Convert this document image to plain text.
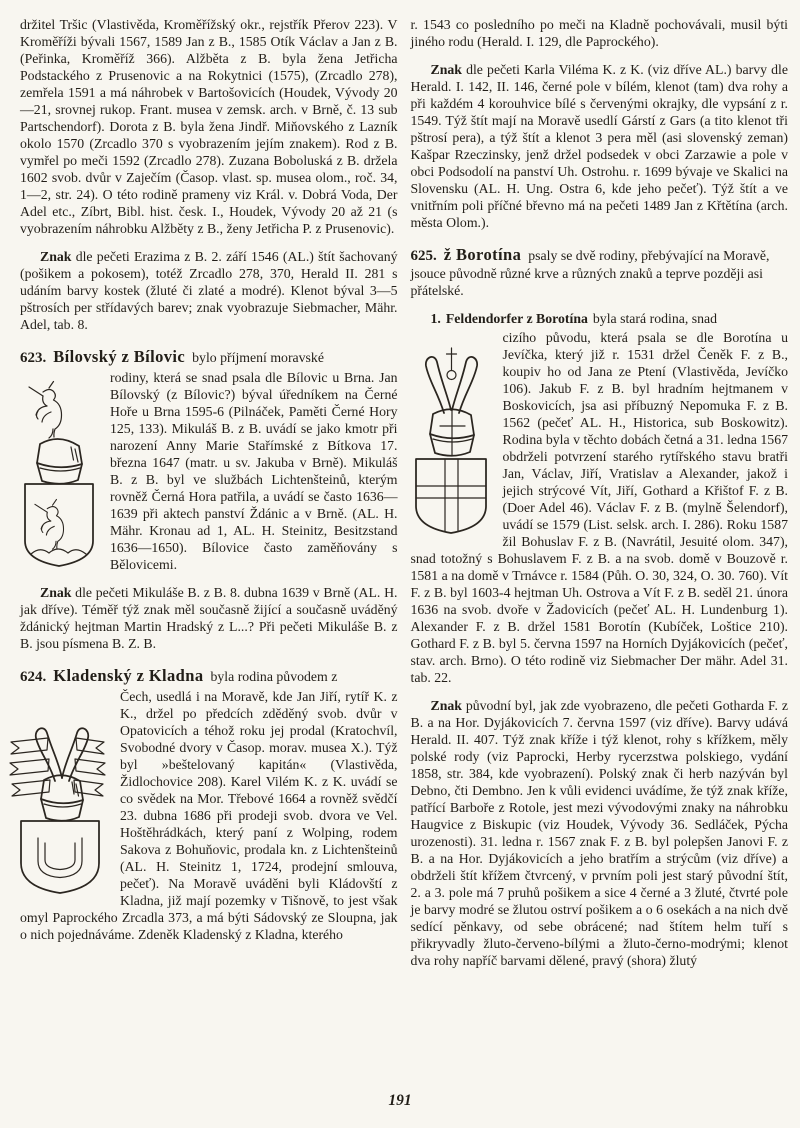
držitel Tršic (Vlastivěda, Kroměřížský okr., rejstřík Přerov 223). V Kroměříži bývali 1567, 1589 Jan z B., 1585 Otík Václav a Jan z B. (Peřinka, Kroměříž 366). Alžběta z B. byla žena Jetřicha Podstackého z Prusenovic a na Rokytnici (1575), (Zrcadlo 278), zemřela 1591 a má náhrobek v Bartošovicích (Houdek, Vývody 20—21, srovnej rukop. Frant. musea v zemsk. arch. v Brně, č. 13 sub Partschendorf). Dorota z B. byla žena Jindř. Miňovského z Lazník okolo 1570 (Zrcadlo 370 s vyobrazením jejím znakem). Rod z B. vymřel po meči 1592 (Zrcadlo 278). Zuzana Boboluská z B. držela 1602 svob. dvůr v Zaječím (Časop. vlast. sp. musea olom., roč. 34, 1—2, str. 24). O této rodině prameny viz Král. v. Dobrá Voda, Der Adel etc., Zíbrt, Bibl. hist. česk. I., Houdek, Vývody 20 až 21 (s vyobrazením náhrobku Alžběty z B., ženy Jetřicha P. z Prusenovic).

Znak dle pečeti Erazima z B. 2. září 1546 (AL.) štít šachovaný (pošikem a pokosem), totéž Zrcadlo 278, 370, Herald II. 281 s udáním barvy kostek (žluté či zlaté a modré). Klenot býval 3—5 pštrosích per střídavých barev; znak vyobrazuje Siebmacher, Mähr. Adel, tab. 8.

623. Bílovský z Bílovic bylo příjmení moravské

rodiny, která se snad psala dle Bílovic u Brna. Jan Bílovský (z Bílovic?) býval úředníkem na Černé Hoře u Brna 1595-6 (Pilnáček, Paměti Černé Hory 125, 133). Mikuláš B. z B. uvádí se jako kmotr při narození Anny Marie Stařímské z Bítkova 17. března 1647 (matr. u sv. Jakuba v Brně). Mikuláš B. z B. byl ve službách Lichtenšteinů, kterým rovněž Černá Hora patřila, a uvádí se často 1636—1639 při aktech panství Ždánic a v Brně. (AL. H. Mähr. Kronau ad 1, AL. H. Steinitz, Besitzstand 1636—1650). Bílovice často zaměňovány s Bělovicemi.

Znak dle pečeti Mikuláše B. z B. 8. dubna 1639 v Brně (AL. H. jak dříve). Téměř týž znak měl současně žijící a současně uváděný ždánický hejtman Martin Hradský z L...? Při pečeti Mikuláše B. z B. jsou písmena B. Z. B.

624. Kladenský z Kladna byla rodina původem z

Čech, usedlá i na Moravě, kde Jan Jiří, rytíř K. z K., držel po předcích zděděný svob. dvůr v Opatovicích a téhož roku jej prodal (Kratochvíl, Svobodné dvory v Časop. morav. musea X.). Týž byl »beštelovaný kapitán« (Vlastivěda, Židlochovice 208). Karel Vilém K. z K. uvádí se co svědek na Mor. Třebové 1664 a rovněž svědčí 23. dubna 1686 při prodeji svob. dvora ve Vel. Hoštěhrádkách, který paní z Wolping, rodem Sakova z Bohuňovic, prodala kn. z Lichtenšteinů (AL. H. Steinitz 1, 1724, prodejní smlouva, pečeť). Na Moravě uváděni byli Kládovští z Kladna, již mají pozemky v Tišnově, to jest však omyl Paprockého Zrcadla 373, a má býti Sádovský ze Sloupna, jak o nich pojednáváme. Zdeněk Kladenský z Kladna, kterého

r. 1543 co posledního po meči na Kladně pochovávali, musil býti jiného rodu (Herald. I. 129, dle Paprockého).

Znak dle pečeti Karla Viléma K. z K. (viz dříve AL.) barvy dle Herald. I. 142, II. 146, černé pole v bílém, klenot (tam) dva rohy a při každém 4 korouhvice bílé s červenými okrajky, dle vypsání z r. 1549. Týž štít mají na Moravě usedlí Gárstí z Gars (a tito klenot tři pštrosí pera), a týž štít a klenot 3 pera měl (asi slovenský zeman) Kašpar Rzeczinsky, jenž držel podsedek v obci Zarzawie a pole v obci Podsodolí na panství Uh. Ostrohu. r. 1699 bývaje ve Skalici na Slovensku (AL. H. Ung. Ostra 6, kde jeho pečeť). Týž štít a ve vnitřním poli příčné břevno má na pečeti 1489 Jan z Křtětína (arch. města Olom.).

625. ž Borotína psaly se dvě rodiny, přebývající na Moravě, jsouce původně různé krve a různých znaků a teprve později asi přátelské.

1. Feldendorfer z Borotína byla stará rodina, snad

cizího původu, která psala se dle Borotína u Jevíčka, který již r. 1531 držel Čeněk F. z B., koupiv ho od Jana ze Ptení (Vlastivěda, Jevíčko 106). Jakub F. z B. byl hradním hejtmanem v Boskovicích, jsa asi příbuzný Nepomuka F. z B. 1562 (pečeť AL. H., Historica, sub Boskowitz). Rodina byla v těchto dobách četná a 31. ledna 1567 obdrželi potvrzení starého rytířského stavu bratři Jan, Václav, Jiří, Vratislav a Alexander, jakož i jejich strýcové Vít, Jiří, Gothard a Křištof F. z B. (Doer Adel 46). Václav F. z B. (mylně Šelendorf), uvádí se 1579 (List. selsk. arch. I. 286). Roku 1587 žil Bohuslav F. z B. (Navrátil, Jesuité olom. 347), snad totožný s Bohuslavem F. z B. a na svob. domě v Bouzově r. 1581 a na domě v Trnávce r. 1584 (Půh. O. 30, 324, O. 30. 760). Vít F. z B. byl 1603-4 hejtman Uh. Ostrova a Vít F. z B. seděl 21. února 1636 na svob. dvoře v Žadovicích (pečeť AL. H. Lundenburg 1). Alexander F. z B. držel 1581 Borotín (Kubíček, Loštice 210). Gothard F. z B. byl 5. června 1597 na Horních Dyjákovicích (pečeť, stav. arch. Brno). O této rodině viz Siebmacher Der mähr. Adel 31. tab. 22.

Znak původní byl, jak zde vyobrazeno, dle pečeti Gotharda F. z B. a na Hor. Dyjákovicích 7. června 1597 (viz dříve). Barvy udává Herald. II. 407. Týž znak kříže i týž klenot, rohy s křížkem, měly polské rody (viz Paprocki, Herby rycerzstwa polskiego, vydání 1858, str. 384, kde vyobrazení). Polský znak či herb nazýván byl Debno, čti Dembno. Jen k vůli evidenci uvádíme, že týž znak kříže, patřící Barboře z Rotole, jest mezi vývodovými znaky na náhrobku Haugvice z Biskupic (viz Houdek, Vývody 36. Sedláček, Pýcha urozenosti). 31. ledna r. 1567 znak F. z B. byl polepšen Janovi F. z B. a na Hor. Dyjákovicích a jeho bratřím a strýcům (viz dříve) a obdrželi štít křížem čtvrcený, v prvním poli jest starý původní štít, 2. a 3. pole má 7 pruhů pošikem a sice 4 černé a 3 žluté, čtvrté pole je barvy modré se žlutou ostrví pošikem a o 6 osekách a na nich dvě sedící pěnkavy, od sebe obrácené; nad štítem helm tuří s přikryvadly žluto-červeno-bílými a žluto-černo-modrými; klenot dva rohy napříč barvami dělené, pravý (shora) žlutý

191
